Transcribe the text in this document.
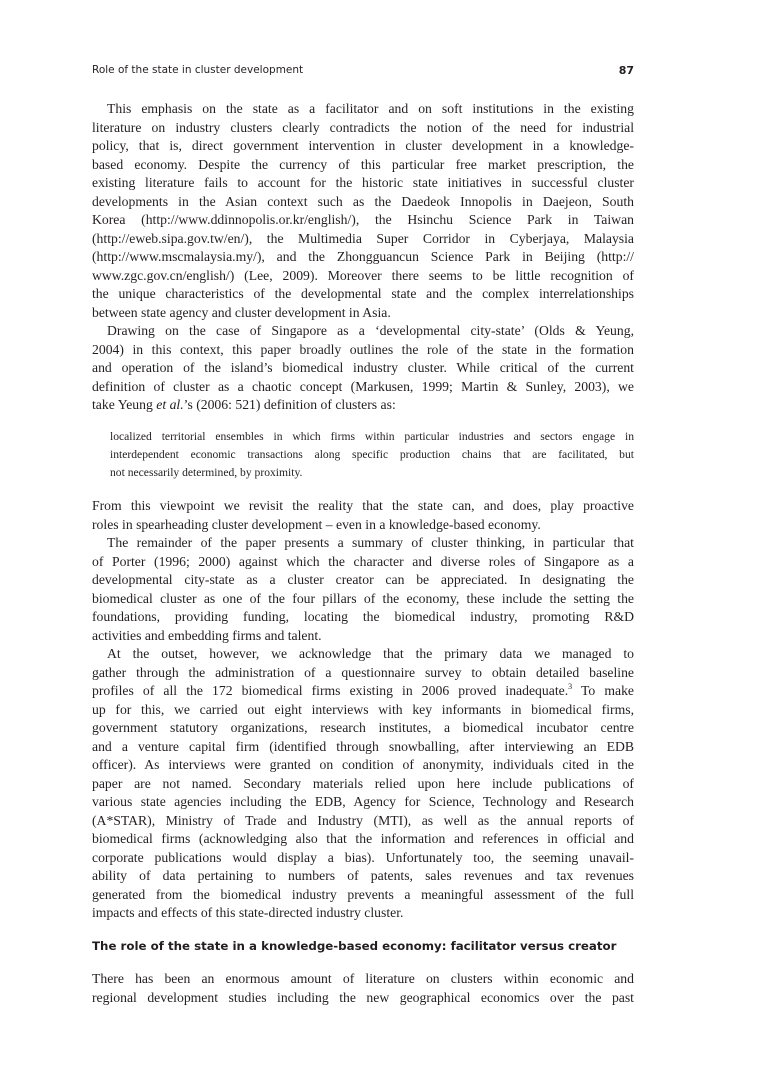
Role of the state in cluster development	87
This emphasis on the state as a facilitator and on soft institutions in the existing
literature on industry clusters clearly contradicts the notion of the need for industrial
policy, that is, direct government intervention in cluster development in a knowledge-
based economy. Despite the currency of this particular free market prescription, the
existing literature fails to account for the historic state initiatives in successful cluster
developments in the Asian context such as the Daedeok Innopolis in Daejeon, South
Korea (http://www.ddinnopolis.or.kr/english/), the Hsinchu Science Park in Taiwan
(http://eweb.sipa.gov.tw/en/), the Multimedia Super Corridor in Cyberjaya, Malaysia
(http://www.mscmalaysia.my/), and the Zhongguancun Science Park in Beijing (http://
www.zgc.gov.cn/english/) (Lee, 2009). Moreover there seems to be little recognition of
the unique characteristics of the developmental state and the complex interrelationships
between state agency and cluster development in Asia.
Drawing on the case of Singapore as a ‘developmental city-state’ (Olds & Yeung,
2004) in this context, this paper broadly outlines the role of the state in the formation
and operation of the island’s biomedical industry cluster. While critical of the current
definition of cluster as a chaotic concept (Markusen, 1999; Martin & Sunley, 2003), we
take Yeung et al.’s (2006: 521) definition of clusters as:
localized territorial ensembles in which firms within particular industries and sectors engage in
interdependent economic transactions along specific production chains that are facilitated, but
not necessarily determined, by proximity.
From this viewpoint we revisit the reality that the state can, and does, play proactive
roles in spearheading cluster development – even in a knowledge-based economy.
The remainder of the paper presents a summary of cluster thinking, in particular that
of Porter (1996; 2000) against which the character and diverse roles of Singapore as a
developmental city-state as a cluster creator can be appreciated. In designating the
biomedical cluster as one of the four pillars of the economy, these include the setting the
foundations, providing funding, locating the biomedical industry, promoting R&D
activities and embedding firms and talent.
At the outset, however, we acknowledge that the primary data we managed to
gather through the administration of a questionnaire survey to obtain detailed baseline
profiles of all the 172 biomedical firms existing in 2006 proved inadequate.$^3$ To make
up for this, we carried out eight interviews with key informants in biomedical firms,
government statutory organizations, research institutes, a biomedical incubator centre
and a venture capital firm (identified through snowballing, after interviewing an EDB
officer). As interviews were granted on condition of anonymity, individuals cited in the
paper are not named. Secondary materials relied upon here include publications of
various state agencies including the EDB, Agency for Science, Technology and Research
(A*STAR), Ministry of Trade and Industry (MTI), as well as the annual reports of
biomedical firms (acknowledging also that the information and references in official and
corporate publications would display a bias). Unfortunately too, the seeming unavail-
ability of data pertaining to numbers of patents, sales revenues and tax revenues
generated from the biomedical industry prevents a meaningful assessment of the full
impacts and effects of this state-directed industry cluster.
The role of the state in a knowledge-based economy: facilitator versus creator
There has been an enormous amount of literature on clusters within economic and
regional development studies including the new geographical economics over the past
